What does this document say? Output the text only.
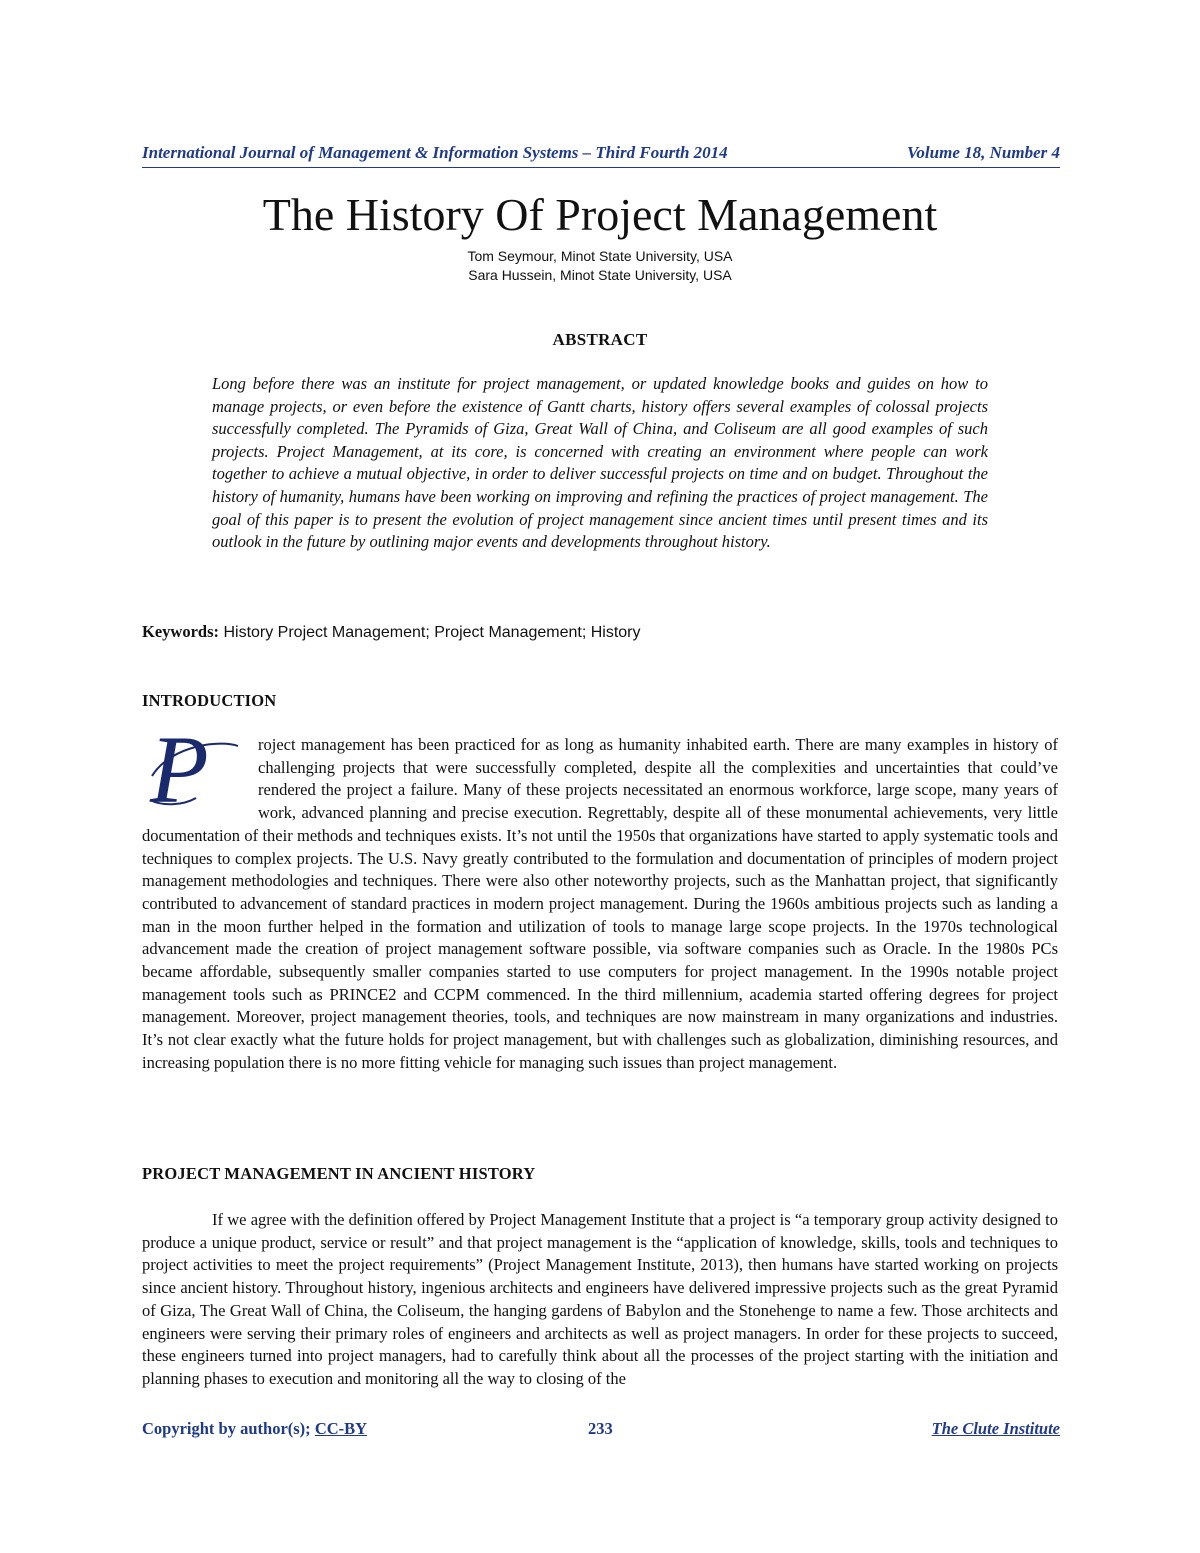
International Journal of Management & Information Systems – Third Fourth 2014	Volume 18, Number 4
The History Of Project Management
Tom Seymour, Minot State University, USA
Sara Hussein, Minot State University, USA
ABSTRACT

Long before there was an institute for project management, or updated knowledge books and guides on how to manage projects, or even before the existence of Gantt charts, history offers several examples of colossal projects successfully completed. The Pyramids of Giza, Great Wall of China, and Coliseum are all good examples of such projects. Project Management, at its core, is concerned with creating an environment where people can work together to achieve a mutual objective, in order to deliver successful projects on time and on budget. Throughout the history of humanity, humans have been working on improving and refining the practices of project management. The goal of this paper is to present the evolution of project management since ancient times until present times and its outlook in the future by outlining major events and developments throughout history.

Keywords: History Project Management; Project Management; History
INTRODUCTION
P	roject management has been practiced for as long as humanity inhabited earth. There are many examples in history of challenging projects that were successfully completed, despite all the complexities and uncertainties that could’ve rendered the project a failure. Many of these projects necessitated an enormous workforce, large scope, many years of work, advanced planning and precise execution. Regrettably, despite all of these monumental achievements, very little documentation of their methods and techniques exists. It’s not until the 1950s that organizations have started to apply systematic tools and techniques to complex projects. The U.S. Navy greatly contributed to the formulation and documentation of principles of modern project management methodologies and techniques. There were also other noteworthy projects, such as the Manhattan project, that significantly contributed to advancement of standard practices in modern project management. During the 1960s ambitious projects such as landing a man in the moon further helped in the formation and utilization of tools to manage large scope projects. In the 1970s technological advancement made the creation of project management software possible, via software companies such as Oracle. In the 1980s PCs became affordable, subsequently smaller companies started to use computers for project management. In the 1990s notable project management tools such as PRINCE2 and CCPM commenced. In the third millennium, academia started offering degrees for project management. Moreover, project management theories, tools, and techniques are now mainstream in many organizations and industries. It’s not clear exactly what the future holds for project management, but with challenges such as globalization, diminishing resources, and increasing population there is no more fitting vehicle for managing such issues than project management.

PROJECT MANAGEMENT IN ANCIENT HISTORY

If we agree with the definition offered by Project Management Institute that a project is “a temporary group activity designed to produce a unique product, service or result” and that project management is the “application of knowledge, skills, tools and techniques to project activities to meet the project requirements” (Project Management Institute, 2013), then humans have started working on projects since ancient history. Throughout history, ingenious architects and engineers have delivered impressive projects such as the great Pyramid of Giza, The Great Wall of China, the Coliseum, the hanging gardens of Babylon and the Stonehenge to name a few. Those architects and engineers were serving their primary roles of engineers and architects as well as project managers. In order for these projects to succeed, these engineers turned into project managers, had to carefully think about all the processes of the project starting with the initiation and planning phases to execution and monitoring all the way to closing of the

Copyright by author(s); CC-BY	233	The Clute Institute
